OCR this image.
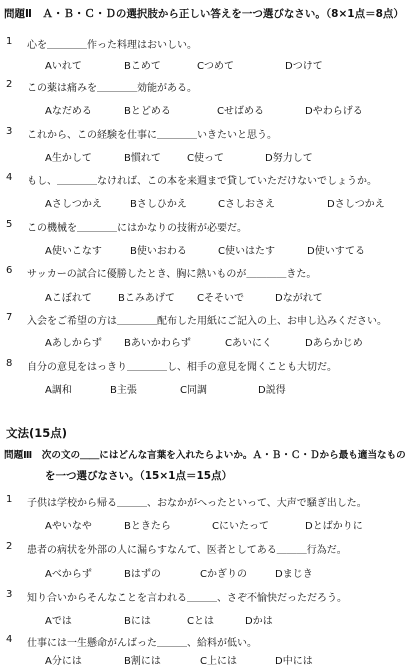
問題Ⅱ　Ａ・Ｂ・Ｃ・Ｄの選択肢から正しい答えを一つ選びなさい。（8×1点＝8点）
1 心を＿＿＿＿作った料理はおいしい。
Aいれて	Bこめて	Cつめて	Dつけて
2 この薬は痛みを＿＿＿＿効能がある。
Aなだめる	Bとどめる	Cせばめる	Dやわらげる
3 これから、この経験を仕事に＿＿＿＿いきたいと思う。
A生かして	B慣れて	C使って	D努力して
4 もし、＿＿＿＿なければ、この本を来週まで貸していただけないでしょうか。
Aさしつかえ	Bさしひかえ	Cさしおさえ	Dさしつかえ
5 この機械を＿＿＿＿にはかなりの技術が必要だ。
A使いこなす	B使いおわる	C使いはたす	D使いすてる
6 サッカーの試合に優勝したとき、胸に熱いものが＿＿＿＿きた。
Aこぼれて	Bこみあげて Cそそいで	Dながれて
7 入会をご希望の方は＿＿＿＿配布した用紙にご記入の上、お申し込みください。
Aあしからず Bあいかわらず	Cあいにく	Dあらかじめ
8 自分の意見をはっきり＿＿＿＿し、相手の意見を聞くことも大切だ。
A調和	B主張	C同調	D説得
文法(15点)
問題Ⅲ　次の文の＿＿にはどんな言葉を入れたらよいか。Ａ・Ｂ・Ｃ・Ｄから最も適当なもの
を一つ選びなさい。（15×1点＝15点）
1 子供は学校から帰る＿＿＿、おなかがへったといって、大声で騒ぎ出した。
Aやいなや	Bときたら	Cにいたって	Dとばかりに
2 患者の病状を外部の人に漏らすなんて、医者としてある＿＿＿行為だ。
Aべからず	Bはずの	Cかぎりの	Dまじき
3 知り合いからそんなことを言われる＿＿＿、さぞ不愉快だっただろう。
Aでは	Bには	Cとは	Dかは
4 仕事には一生懸命がんばった＿＿＿、給料が低い。
A分には	B割には	C上には	D中には
